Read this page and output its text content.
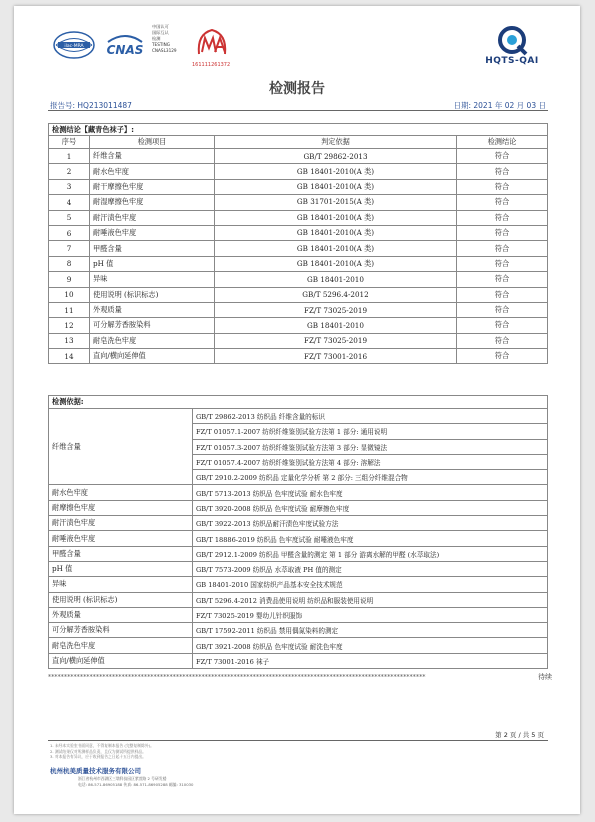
ilac-MRA CNAS
中国认可
国际互认
检测
TESTING
CNASL3129
161111261372	HQTS-QAI
检测报告
报告号: HQ213011487	日期: 2021 年 02 月 03 日
检测结论【藏青色袜子】:			
序号	检测项目	判定依据	检测结论
1	纤维含量	GB/T 29862-2013	符合
2	耐水色牢度	GB 18401-2010(A 类)	符合
3	耐干摩擦色牢度	GB 18401-2010(A 类)	符合
4	耐湿摩擦色牢度	GB 31701-2015(A 类)	符合
5	耐汗渍色牢度	GB 18401-2010(A 类)	符合
6	耐唾液色牢度	GB 18401-2010(A 类)	符合
7	甲醛含量	GB 18401-2010(A 类)	符合
8	pH 值	GB 18401-2010(A 类)	符合
9	异味	GB 18401-2010	符合
10	使用说明 (标识标志)	GB/T 5296.4-2012	符合
11	外观质量	FZ/T 73025-2019	符合
12	可分解芳香胺染料	GB 18401-2010	符合
13	耐皂洗色牢度	FZ/T 73025-2019	符合
14	直向/横向延伸值	FZ/T 73001-2016	符合
检测依据:	
纤维含量	GB/T 29862-2013 纺织品 纤维含量的标识
	FZ/T 01057.1-2007 纺织纤维鉴别试验方法第 1 部分: 通用说明
	FZ/T 01057.3-2007 纺织纤维鉴别试验方法第 3 部分: 显微镜法
	FZ/T 01057.4-2007 纺织纤维鉴别试验方法第 4 部分: 溶解法
	GB/T 2910.2-2009 纺织品 定量化学分析 第 2 部分: 三组分纤维混合物
耐水色牢度	GB/T 5713-2013 纺织品 色牢度试验 耐水色牢度
耐摩擦色牢度	GB/T 3920-2008 纺织品 色牢度试验 耐摩擦色牢度
耐汗渍色牢度	GB/T 3922-2013 纺织品耐汗渍色牢度试验方法
耐唾液色牢度	GB/T 18886-2019 纺织品 色牢度试验 耐唾液色牢度
甲醛含量	GB/T 2912.1-2009 纺织品 甲醛含量的测定 第 1 部分 游离水解的甲醛 (水萃取法)
pH 值	GB/T 7573-2009 纺织品 水萃取液 PH 值的测定
异味	GB 18401-2010 国家纺织产品基本安全技术规范
使用说明 (标识标志)	GB/T 5296.4-2012 消费品使用说明 纺织品和服装使用说明
外观质量	FZ/T 73025-2019 婴幼儿针织服饰
可分解芳香胺染料	GB/T 17592-2011 纺织品 禁用偶氮染料的测定
耐皂洗色牢度	GB/T 3921-2008 纺织品 色牢度试验 耐洗色牢度
直向/横向延伸值	FZ/T 73001-2016 袜子
**********************************************************************************************************************	待续
第 2 页 / 共 5 页
1. 未经本实验室书面同意，不得复制本报告 (完整复制除外)。
2. 测试结果仅对所测样品负责，且仅为测试所提供样品。
3. 对本报告有异议，应于收到报告之日起十五日内提出。
杭州杭美质量技术服务有限公司
浙江省杭州市西湖区三墩科技园区紫萱路 2 号研发楼
电话: 86-571-86905188 传真: 86-571-86905288 邮编: 310030
